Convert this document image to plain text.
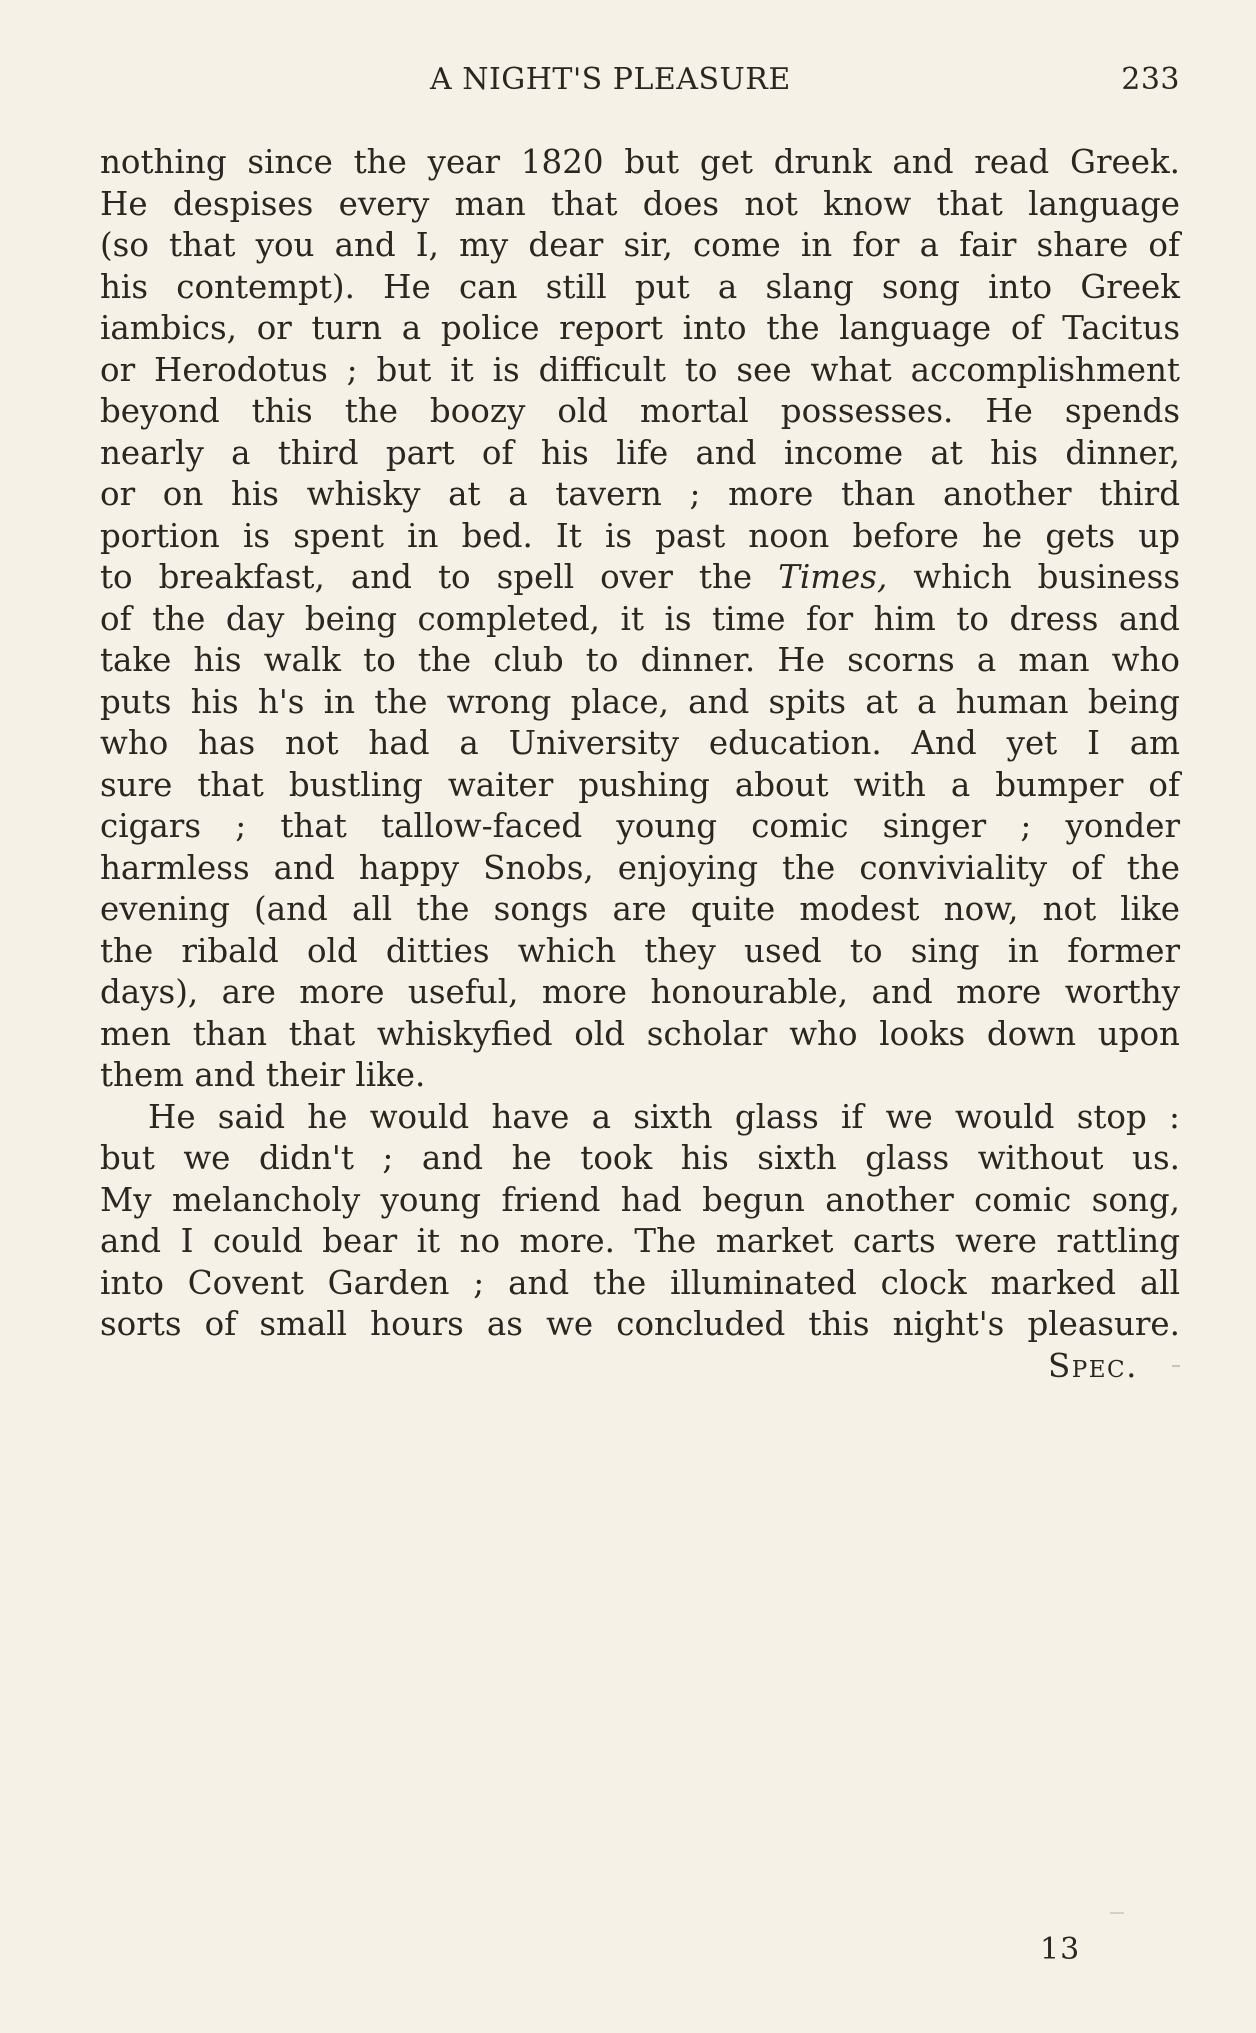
A NIGHT'S PLEASURE	233
nothing since the year 1820 but get drunk and read Greek.
He despises every man that does not know that language
(so that you and I, my dear sir, come in for a fair share of
his contempt). He can still put a slang song into Greek
iambics, or turn a police report into the language of Tacitus
or Herodotus ; but it is difficult to see what accomplishment
beyond this the boozy old mortal possesses. He spends
nearly a third part of his life and income at his dinner,
or on his whisky at a tavern ; more than another third
portion is spent in bed. It is past noon before he gets up
to breakfast, and to spell over the Times, which business
of the day being completed, it is time for him to dress and
take his walk to the club to dinner. He scorns a man who
puts his h's in the wrong place, and spits at a human being
who has not had a University education. And yet I am
sure that bustling waiter pushing about with a bumper of
cigars ; that tallow-faced young comic singer ; yonder
harmless and happy Snobs, enjoying the conviviality of the
evening (and all the songs are quite modest now, not like
the ribald old ditties which they used to sing in former
days), are more useful, more honourable, and more worthy
men than that whiskyfied old scholar who looks down upon
them and their like.
He said he would have a sixth glass if we would stop :
but we didn't ; and he took his sixth glass without us.
My melancholy young friend had begun another comic song,
and I could bear it no more. The market carts were rattling
into Covent Garden ; and the illuminated clock marked all
sorts of small hours as we concluded this night's pleasure.
Spec.
13
